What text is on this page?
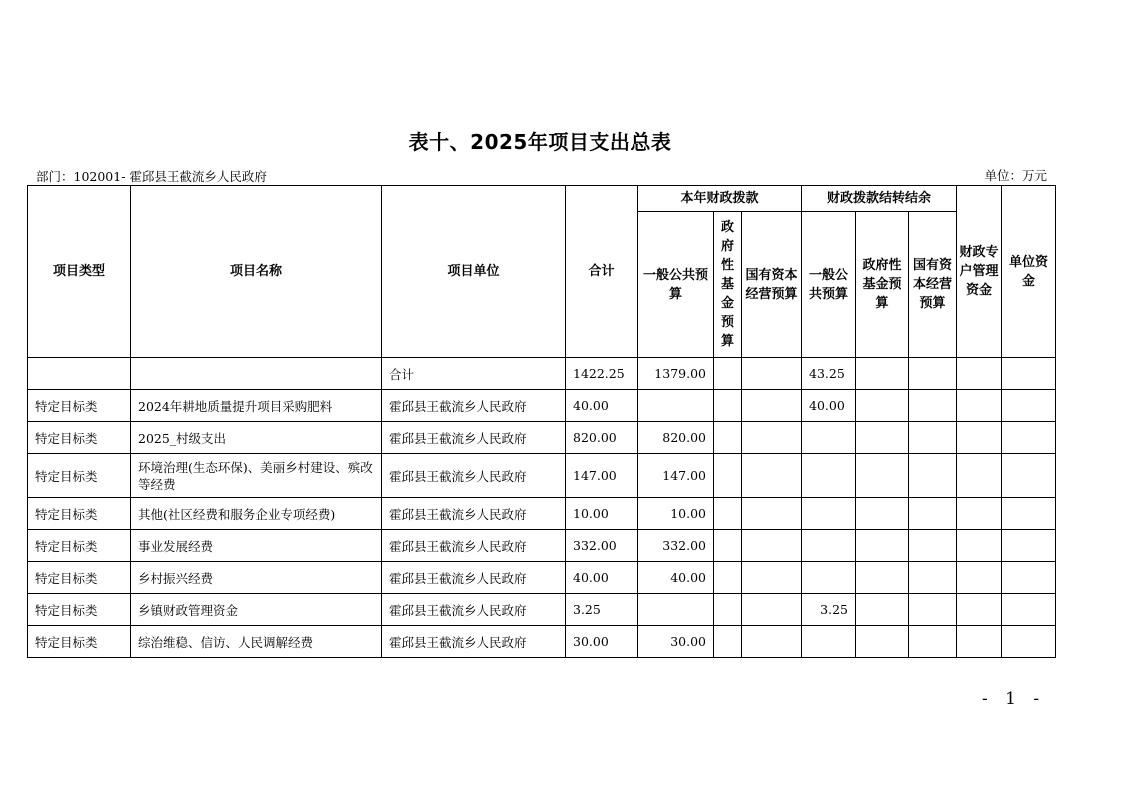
表十、2025年项目支出总表
部门：102001- 霍邱县王截流乡人民政府	单位：万元
项目类型	项目名称	项目单位	合计	本年财政拨款			财政拨款结转结余			财政专户管理资金	单位资金
				一般公共预算	政府性基金预算	国有资本经营预算	一般公共预算	政府性基金预算	国有资本经营预算		
		合计	1422.25	1379.00			43.25				
特定目标类	2024年耕地质量提升项目采购肥料	霍邱县王截流乡人民政府	40.00				40.00				
特定目标类	2025_村级支出	霍邱县王截流乡人民政府	820.00	820.00							
特定目标类	环境治理(生态环保)、美丽乡村建设、殡改等经费	霍邱县王截流乡人民政府	147.00	147.00							
特定目标类	其他(社区经费和服务企业专项经费)	霍邱县王截流乡人民政府	10.00	10.00							
特定目标类	事业发展经费	霍邱县王截流乡人民政府	332.00	332.00							
特定目标类	乡村振兴经费	霍邱县王截流乡人民政府	40.00	40.00							
特定目标类	乡镇财政管理资金	霍邱县王截流乡人民政府	3.25				3.25				
特定目标类	综治维稳、信访、人民调解经费	霍邱县王截流乡人民政府	30.00	30.00							
- 1 -
